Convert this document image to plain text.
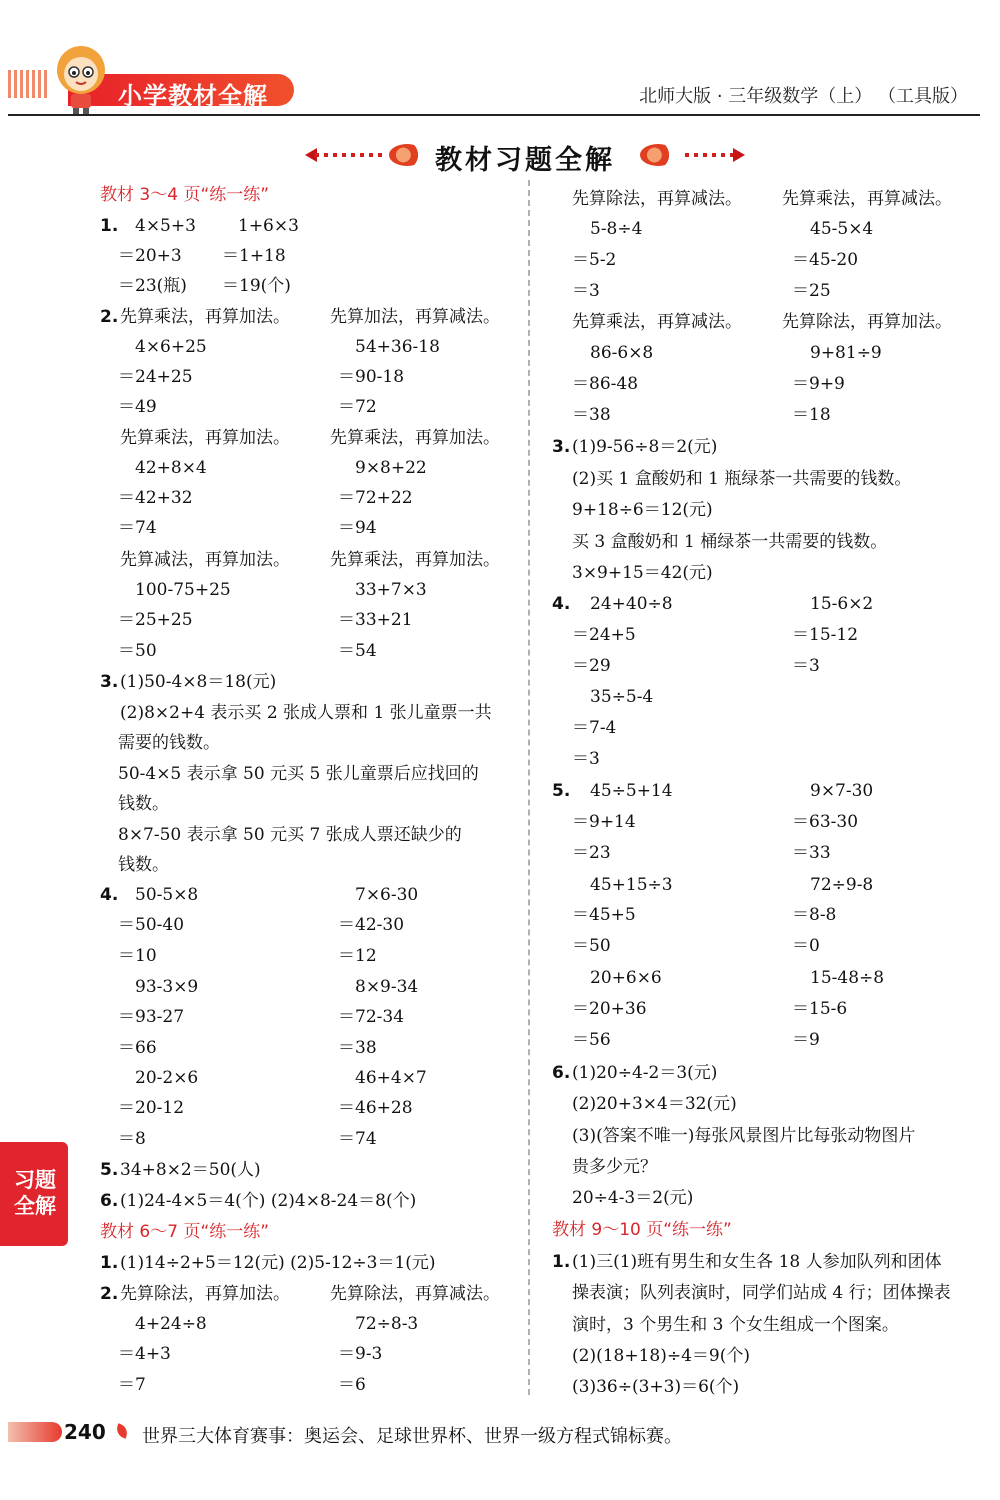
小学教材全解	北师大版 · 三年级数学（上） （工具版）
教材习题全解
教材 3～4 页“练一练”
1. 4×5+3 1+6×3
＝20+3 ＝1+18
＝23(瓶) ＝19(个)
2. 先算乘法，再算加法。 先算加法，再算减法。
4×6+25	54+36-18
＝24+25	＝90-18
＝49	＝72
先算乘法，再算加法。 先算乘法，再算加法。
42+8×4	9×8+22
＝42+32	＝72+22
＝74	＝94
先算减法，再算加法。 先算乘法，再算加法。
100-75+25	33+7×3
＝25+25	＝33+21
＝50	＝54
3. (1)50-4×8＝18(元)
(2)8×2+4 表示买 2 张成人票和 1 张儿童票一共
需要的钱数。
50-4×5 表示拿 50 元买 5 张儿童票后应找回的
钱数。
8×7-50 表示拿 50 元买 7 张成人票还缺少的
钱数。
4. 50-5×8	7×6-30
＝50-40	＝42-30
＝10	＝12
93-3×9	8×9-34
＝93-27	＝72-34
＝66	＝38
20-2×6	46+4×7
＝20-12	＝46+28
＝8	＝74
5. 34+8×2＝50(人)
6. (1)24-4×5＝4(个) (2)4×8-24＝8(个)
教材 6～7 页“练一练”
1. (1)14÷2+5＝12(元) (2)5-12÷3＝1(元)
2. 先算除法，再算加法。 先算除法，再算减法。
4+24÷8	72÷8-3
＝4+3	＝9-3
＝7	＝6
先算除法，再算减法。 先算乘法，再算减法。
5-8÷4	45-5×4
＝5-2	＝45-20
＝3	＝25
先算乘法，再算减法。 先算除法，再算加法。
86-6×8	9+81÷9
＝86-48	＝9+9
＝38	＝18
3. (1)9-56÷8＝2(元)
(2)买 1 盒酸奶和 1 瓶绿茶一共需要的钱数。
9+18÷6＝12(元)
买 3 盒酸奶和 1 桶绿茶一共需要的钱数。
3×9+15＝42(元)
4. 24+40÷8	15-6×2
＝24+5	＝15-12
＝29	＝3
35÷5-4
＝7-4
＝3
5. 45÷5+14	9×7-30
＝9+14	＝63-30
＝23	＝33
45+15÷3	72÷9-8
＝45+5	＝8-8
＝50	＝0
20+6×6	15-48÷8
＝20+36	＝15-6
＝56	＝9
6. (1)20÷4-2＝3(元)
(2)20+3×4＝32(元)
(3)(答案不唯一)每张风景图片比每张动物图片
贵多少元？
20÷4-3＝2(元)
教材 9～10 页“练一练”
1. (1)三(1)班有男生和女生各 18 人参加队列和团体
操表演；队列表演时，同学们站成 4 行；团体操表
演时，3 个男生和 3 个女生组成一个图案。
(2)(18+18)÷4＝9(个)
(3)36÷(3+3)＝6(个)
习题
全解
240 世界三大体育赛事：奥运会、足球世界杯、世界一级方程式锦标赛。
